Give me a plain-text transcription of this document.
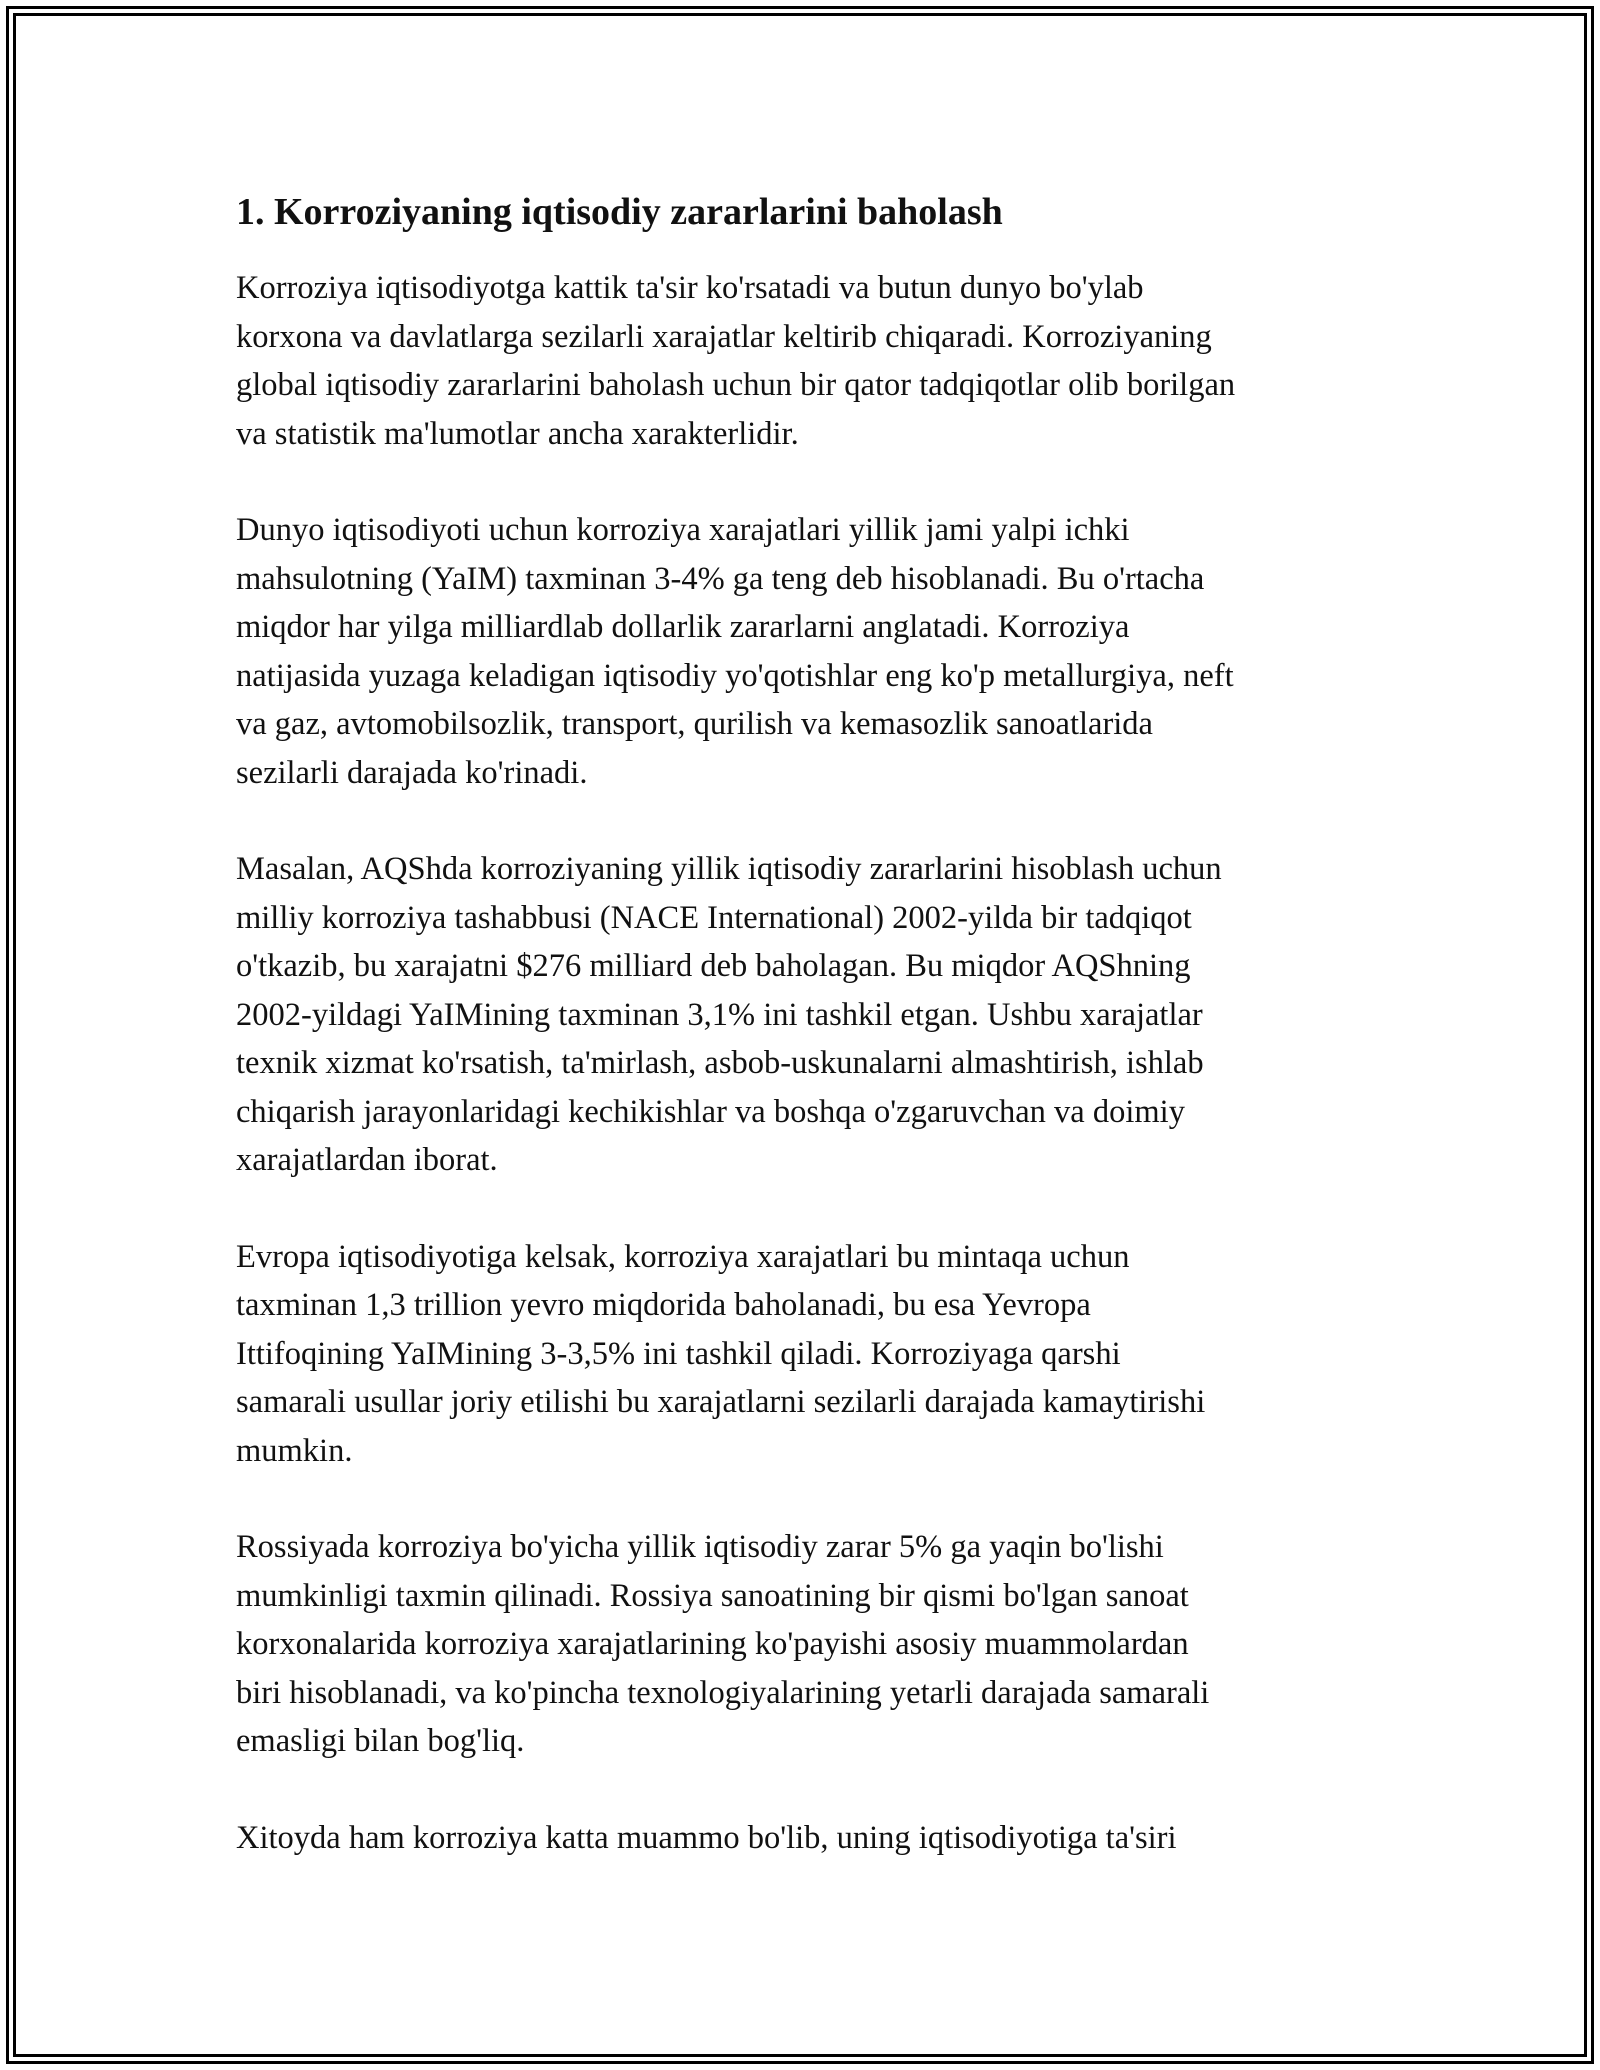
1. Korroziyaning iqtisodiy zararlarini baholash

Korroziya iqtisodiyotga kattik ta'sir ko'rsatadi va butun dunyo bo'ylab
korxona va davlatlarga sezilarli xarajatlar keltirib chiqaradi. Korroziyaning
global iqtisodiy zararlarini baholash uchun bir qator tadqiqotlar olib borilgan
va statistik ma'lumotlar ancha xarakterlidir.

Dunyo iqtisodiyoti uchun korroziya xarajatlari yillik jami yalpi ichki
mahsulotning (YaIM) taxminan 3-4% ga teng deb hisoblanadi. Bu o'rtacha
miqdor har yilga milliardlab dollarlik zararlarni anglatadi. Korroziya
natijasida yuzaga keladigan iqtisodiy yo'qotishlar eng ko'p metallurgiya, neft
va gaz, avtomobilsozlik, transport, qurilish va kemasozlik sanoatlarida
sezilarli darajada ko'rinadi.

Masalan, AQShda korroziyaning yillik iqtisodiy zararlarini hisoblash uchun
milliy korroziya tashabbusi (NACE International) 2002-yilda bir tadqiqot
o'tkazib, bu xarajatni $276 milliard deb baholagan. Bu miqdor AQShning
2002-yildagi YaIMining taxminan 3,1% ini tashkil etgan. Ushbu xarajatlar
texnik xizmat ko'rsatish, ta'mirlash, asbob-uskunalarni almashtirish, ishlab
chiqarish jarayonlaridagi kechikishlar va boshqa o'zgaruvchan va doimiy
xarajatlardan iborat.

Evropa iqtisodiyotiga kelsak, korroziya xarajatlari bu mintaqa uchun
taxminan 1,3 trillion yevro miqdorida baholanadi, bu esa Yevropa
Ittifoqining YaIMining 3-3,5% ini tashkil qiladi. Korroziyaga qarshi
samarali usullar joriy etilishi bu xarajatlarni sezilarli darajada kamaytirishi
mumkin.

Rossiyada korroziya bo'yicha yillik iqtisodiy zarar 5% ga yaqin bo'lishi
mumkinligi taxmin qilinadi. Rossiya sanoatining bir qismi bo'lgan sanoat
korxonalarida korroziya xarajatlarining ko'payishi asosiy muammolardan
biri hisoblanadi, va ko'pincha texnologiyalarining yetarli darajada samarali
emasligi bilan bog'liq.

Xitoyda ham korroziya katta muammo bo'lib, uning iqtisodiyotiga ta'siri
